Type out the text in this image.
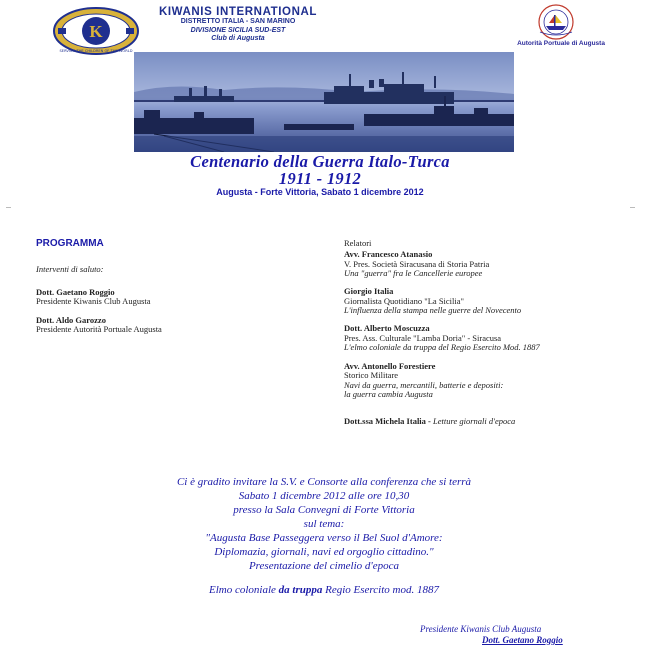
K
SERVING THE CHILDREN OF THE WORLD
KIWANIS INTERNATIONAL
DISTRETTO ITALIA - SAN MARINO
DIVISIONE SICILIA SUD-EST
Club di Augusta
Autorità Portuale di Augusta
Centenario della Guerra Italo-Turca
1911 - 1912
Augusta - Forte Vittoria, Sabato 1 dicembre 2012
PROGRAMMA
Interventi di saluto:
Dott. Gaetano Roggio
Presidente Kiwanis Club Augusta
Dott. Aldo Garozzo
Presidente Autorità Portuale Augusta
Relatori
Avv. Francesco Atanasio
V. Pres. Società Siracusana di Storia Patria
Una "guerra" fra le Cancellerie europee
Giorgio Italia
Giornalista Quotidiano "La Sicilia"
L'influenza della stampa nelle guerre del Novecento
Dott. Alberto Moscuzza
Pres. Ass. Culturale "Lamba Doria" - Siracusa
L'elmo coloniale da truppa del Regio Esercito Mod. 1887
Avv. Antonello Forestiere
Storico Militare
Navi da guerra, mercantili, batterie e depositi:
la guerra cambia Augusta
Dott.ssa Michela Italia - Letture giornali d'epoca
Ci è gradito invitare la S.V. e Consorte alla conferenza che si terrà
Sabato 1 dicembre 2012 alle ore 10,30
presso la Sala Convegni di Forte Vittoria
sul tema:
"Augusta Base Passeggera verso il Bel Suol d'Amore:
Diplomazia, giornali, navi ed orgoglio cittadino."
Presentazione del cimelio d'epoca
Elmo coloniale da truppa Regio Esercito mod. 1887
Presidente Kiwanis Club Augusta
Dott. Gaetano Roggio
